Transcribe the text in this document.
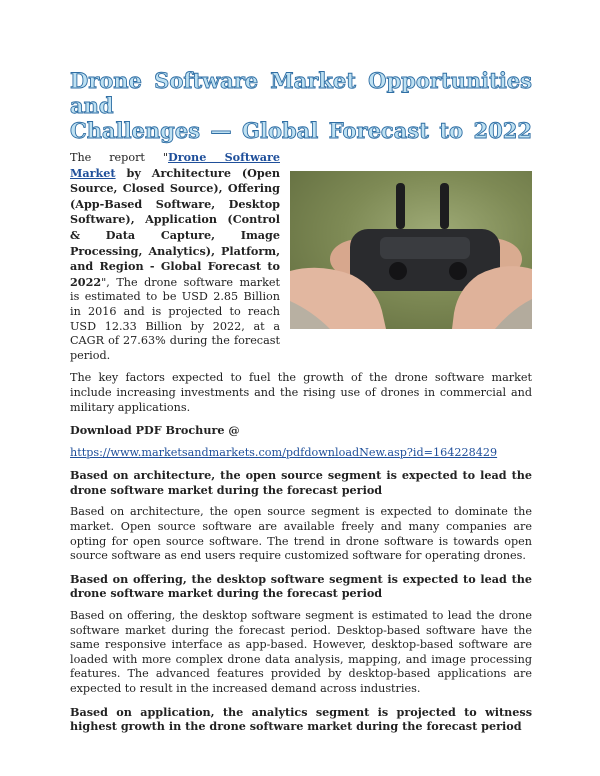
Drone Software Market Opportunities and
Challenges — Global Forecast to 2022

The report "Drone Software Market by Architecture (Open Source, Closed Source), Offering (App-Based Software, Desktop Software), Application (Control & Data Capture, Image Processing, Analytics), Platform, and Region - Global Forecast to 2022", The drone software market is estimated to be USD 2.85 Billion in 2016 and is projected to reach USD 12.33 Billion by 2022, at a CAGR of 27.63% during the forecast period.

The key factors expected to fuel the growth of the drone software market include increasing investments and the rising use of drones in commercial and military applications.

Download PDF Brochure @

https://www.marketsandmarkets.com/pdfdownloadNew.asp?id=164228429

Based on architecture, the open source segment is expected to lead the drone software market during the forecast period

Based on architecture, the open source segment is expected to dominate the market. Open source software are available freely and many companies are opting for open source software. The trend in drone software is towards open source software as end users require customized software for operating drones.

Based on offering, the desktop software segment is expected to lead the drone software market during the forecast period

Based on offering, the desktop software segment is estimated to lead the drone software market during the forecast period. Desktop-based software have the same responsive interface as app-based. However, desktop-based software are loaded with more complex drone data analysis, mapping, and image processing features. The advanced features provided by desktop-based applications are expected to result in the increased demand across industries.

Based on application, the analytics segment is projected to witness highest growth in the drone software market during the forecast period
